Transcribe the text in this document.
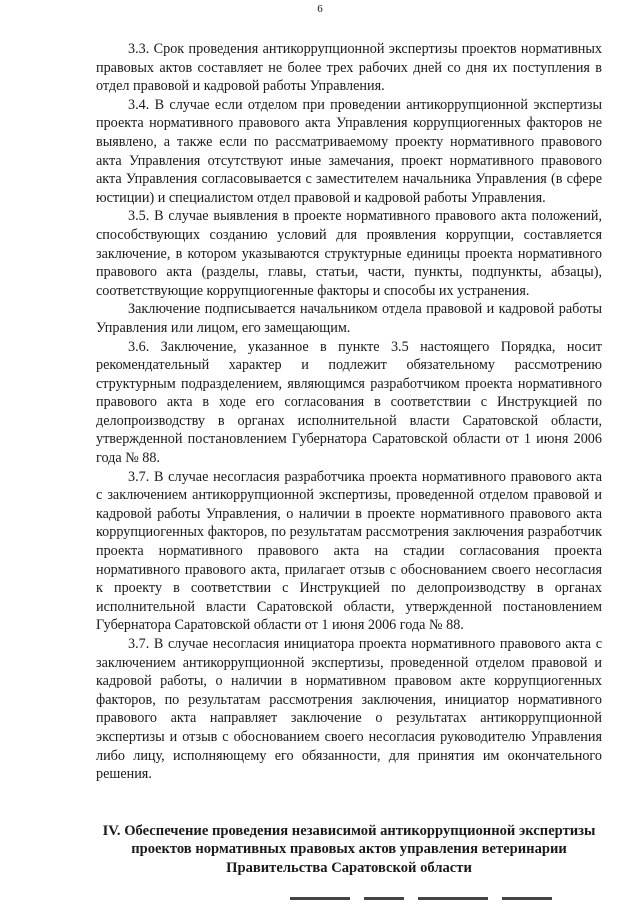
6

3.3. Срок проведения антикоррупционной экспертизы проектов нормативных правовых актов составляет не более трех рабочих дней со дня их поступления в отдел правовой и кадровой работы Управления.

3.4. В случае если отделом при проведении антикоррупционной экспертизы проекта нормативного правового акта Управления коррупциогенных факторов не выявлено, а также если по рассматриваемому проекту нормативного правового акта Управления отсутствуют иные замечания, проект нормативного правового акта Управления согласовывается с заместителем начальника Управления (в сфере юстиции) и специалистом отдел правовой и кадровой работы Управления.

3.5. В случае выявления в проекте нормативного правового акта положений, способствующих созданию условий для проявления коррупции, составляется заключение, в котором указываются структурные единицы проекта нормативного правового акта (разделы, главы, статьи, части, пункты, подпункты, абзацы), соответствующие коррупциогенные факторы и способы их устранения.

Заключение подписывается начальником отдела правовой и кадровой работы Управления или лицом, его замещающим.

3.6. Заключение, указанное в пункте 3.5 настоящего Порядка, носит рекомендательный характер и подлежит обязательному рассмотрению структурным подразделением, являющимся разработчиком проекта нормативного правового акта в ходе его согласования в соответствии с Инструкцией по делопроизводству в органах исполнительной власти Саратовской области, утвержденной постановлением Губернатора Саратовской области от 1 июня 2006 года № 88.

3.7. В случае несогласия разработчика проекта нормативного правового акта с заключением антикоррупционной экспертизы, проведенной отделом правовой и кадровой работы Управления, о наличии в проекте нормативного правового акта коррупциогенных факторов, по результатам рассмотрения заключения разработчик проекта нормативного правового акта на стадии согласования проекта нормативного правового акта, прилагает отзыв с обоснованием своего несогласия к проекту в соответствии с Инструкцией по делопроизводству в органах исполнительной власти Саратовской области, утвержденной постановлением Губернатора Саратовской области от 1 июня 2006 года № 88.

3.7. В случае несогласия инициатора проекта нормативного правового акта с заключением антикоррупционной экспертизы, проведенной отделом правовой и кадровой работы, о наличии в нормативном правовом акте коррупциогенных факторов, по результатам рассмотрения заключения, инициатор нормативного правового акта направляет заключение о результатах антикоррупционной экспертизы и отзыв с обоснованием своего несогласия руководителю Управления либо лицу, исполняющему его обязанности, для принятия им окончательного решения.

IV. Обеспечение проведения независимой антикоррупционной экспертизы проектов нормативных правовых актов управления ветеринарии Правительства Саратовской области
